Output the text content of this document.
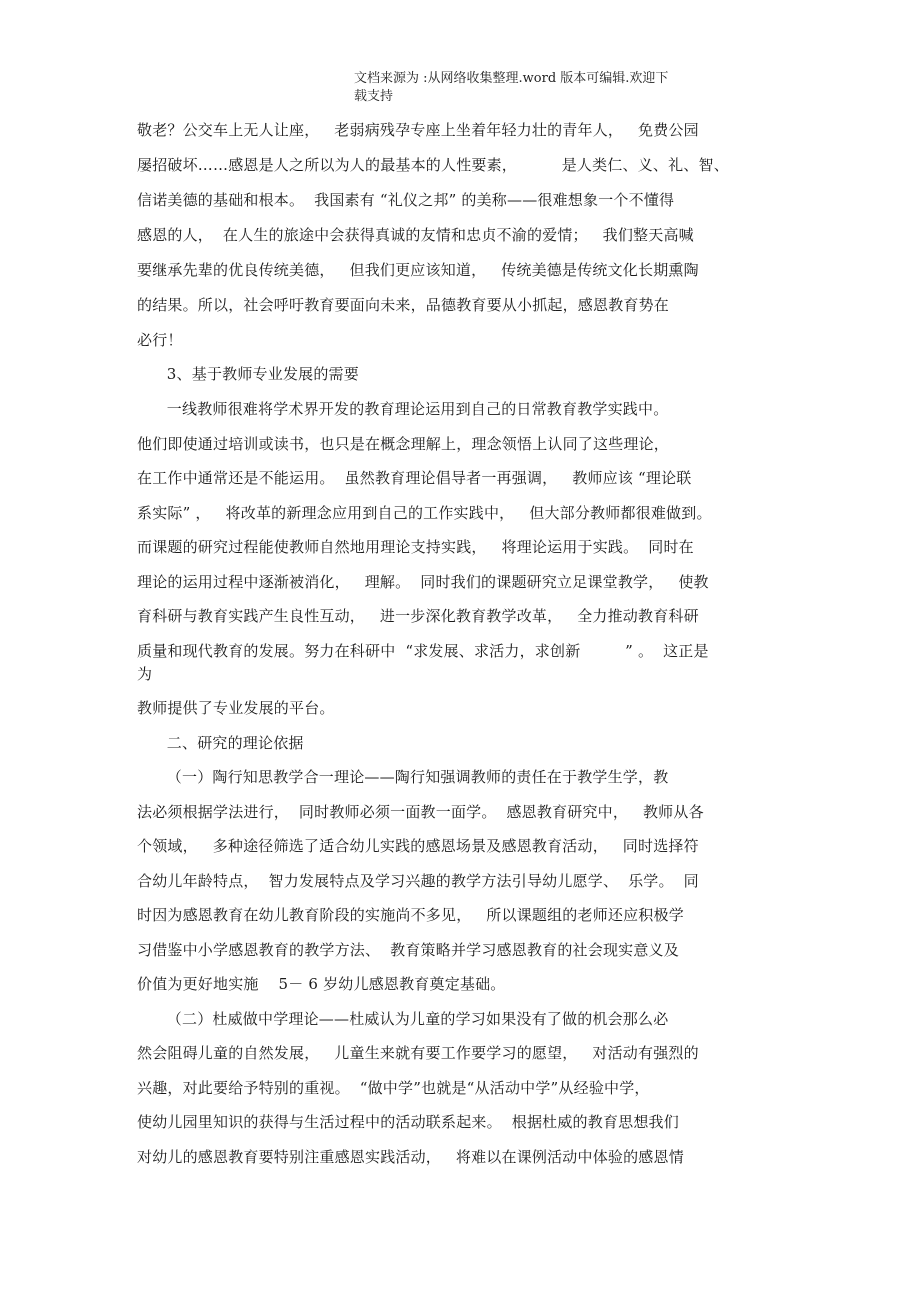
文档来源为 :从网络收集整理.word 版本可编辑.欢迎下
载支持
敬老？公交车上无人让座，   老弱病残孕专座上坐着年轻力壮的青年人，   免费公园
屡招破坏……感恩是人之所以为人的最基本的人性要素，         是人类仁、义、礼、智、
信诺美德的基础和根本。  我国素有 “礼仪之邦” 的美称——很难想象一个不懂得
感恩的人，  在人生的旅途中会获得真诚的友情和忠贞不渝的爱情；   我们整天高喊
要继承先辈的优良传统美德，   但我们更应该知道，   传统美德是传统文化长期熏陶
的结果。所以，社会呼吁教育要面向未来，品德教育要从小抓起，感恩教育势在
必行！
3、基于教师专业发展的需要
一线教师很难将学术界开发的教育理论运用到自己的日常教育教学实践中。
他们即使通过培训或读书，也只是在概念理解上，理念领悟上认同了这些理论，
在工作中通常还是不能运用。  虽然教育理论倡导者一再强调，   教师应该 “理论联
系实际” ，   将改革的新理念应用到自己的工作实践中，   但大部分教师都很难做到。
而课题的研究过程能使教师自然地用理论支持实践，   将理论运用于实践。  同时在
理论的运用过程中逐渐被消化，   理解。  同时我们的课题研究立足课堂教学，   使教
育科研与教育实践产生良性互动，   进一步深化教育教学改革，   全力推动教育科研
质量和现代教育的发展。努力在科研中  “求发展、求活力，求创新         ” 。  这正是
为
教师提供了专业发展的平台。
二、研究的理论依据
（一）陶行知思教学合一理论——陶行知强调教师的责任在于教学生学，教
法必须根据学法进行，  同时教师必须一面教一面学。  感恩教育研究中，   教师从各
个领域，   多种途径筛选了适合幼儿实践的感恩场景及感恩教育活动，   同时选择符
合幼儿年龄特点，  智力发展特点及学习兴趣的教学方法引导幼儿愿学、  乐学。  同
时因为感恩教育在幼儿教育阶段的实施尚不多见，   所以课题组的老师还应积极学
习借鉴中小学感恩教育的教学方法、  教育策略并学习感恩教育的社会现实意义及
价值为更好地实施    5－ 6 岁幼儿感恩教育奠定基础。
（二）杜威做中学理论——杜威认为儿童的学习如果没有了做的机会那么必
然会阻碍儿童的自然发展，   儿童生来就有要工作要学习的愿望，   对活动有强烈的
兴趣，对此要给予特别的重视。  “做中学”也就是“从活动中学”从经验中学，
使幼儿园里知识的获得与生活过程中的活动联系起来。  根据杜威的教育思想我们
对幼儿的感恩教育要特别注重感恩实践活动，   将难以在课例活动中体验的感恩情
